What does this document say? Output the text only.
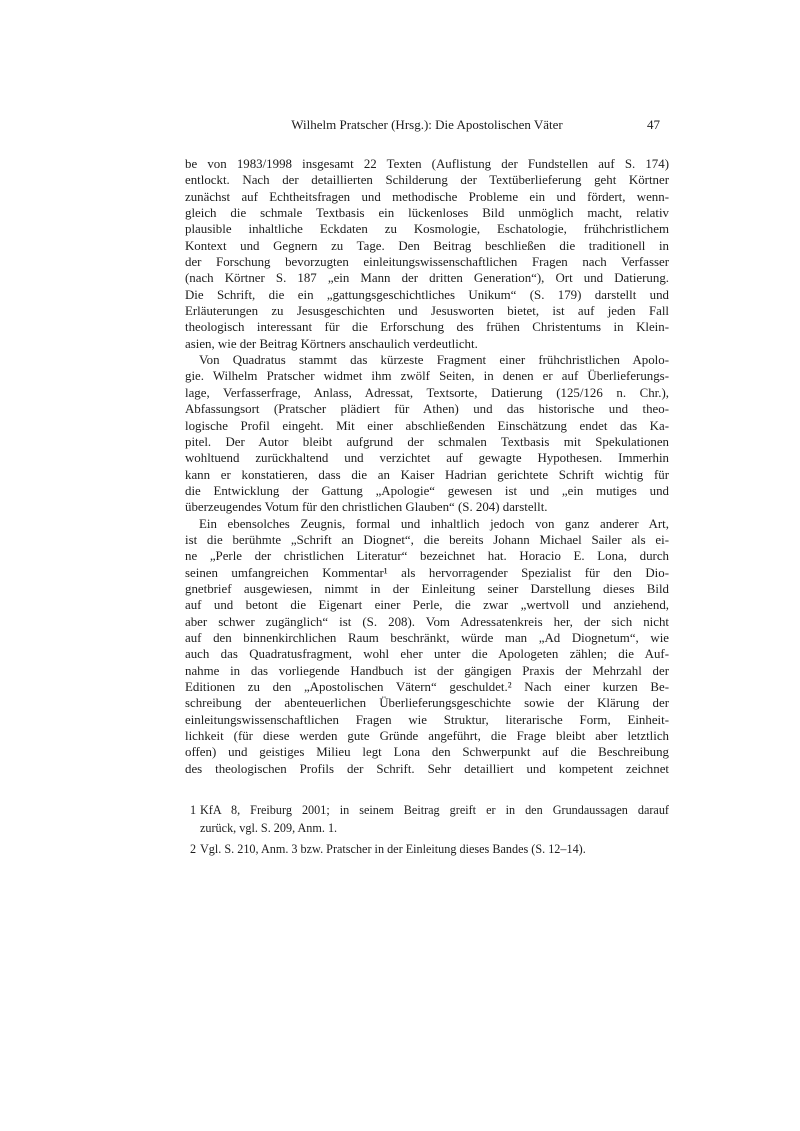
Wilhelm Pratscher (Hrsg.): Die Apostolischen Väter	47
be von 1983/1998 insgesamt 22 Texten (Auflistung der Fundstellen auf S. 174)
entlockt. Nach der detaillierten Schilderung der Textüberlieferung geht Körtner
zunächst auf Echtheitsfragen und methodische Probleme ein und fördert, wenn-
gleich die schmale Textbasis ein lückenloses Bild unmöglich macht, relativ
plausible inhaltliche Eckdaten zu Kosmologie, Eschatologie, frühchristlichem
Kontext und Gegnern zu Tage. Den Beitrag beschließen die traditionell in
der Forschung bevorzugten einleitungswissenschaftlichen Fragen nach Verfasser
(nach Körtner S. 187 „ein Mann der dritten Generation“), Ort und Datierung.
Die Schrift, die ein „gattungsgeschichtliches Unikum“ (S. 179) darstellt und
Erläuterungen zu Jesusgeschichten und Jesusworten bietet, ist auf jeden Fall
theologisch interessant für die Erforschung des frühen Christentums in Klein-
asien, wie der Beitrag Körtners anschaulich verdeutlicht.
Von Quadratus stammt das kürzeste Fragment einer frühchristlichen Apolo-
gie. Wilhelm Pratscher widmet ihm zwölf Seiten, in denen er auf Überlieferungs-
lage, Verfasserfrage, Anlass, Adressat, Textsorte, Datierung (125/126 n. Chr.),
Abfassungsort (Pratscher plädiert für Athen) und das historische und theo-
logische Profil eingeht. Mit einer abschließenden Einschätzung endet das Ka-
pitel. Der Autor bleibt aufgrund der schmalen Textbasis mit Spekulationen
wohltuend zurückhaltend und verzichtet auf gewagte Hypothesen. Immerhin
kann er konstatieren, dass die an Kaiser Hadrian gerichtete Schrift wichtig für
die Entwicklung der Gattung „Apologie“ gewesen ist und „ein mutiges und
überzeugendes Votum für den christlichen Glauben“ (S. 204) darstellt.
Ein ebensolches Zeugnis, formal und inhaltlich jedoch von ganz anderer Art,
ist die berühmte „Schrift an Diognet“, die bereits Johann Michael Sailer als ei-
ne „Perle der christlichen Literatur“ bezeichnet hat. Horacio E. Lona, durch
seinen umfangreichen Kommentar¹ als hervorragender Spezialist für den Dio-
gnetbrief ausgewiesen, nimmt in der Einleitung seiner Darstellung dieses Bild
auf und betont die Eigenart einer Perle, die zwar „wertvoll und anziehend,
aber schwer zugänglich“ ist (S. 208). Vom Adressatenkreis her, der sich nicht
auf den binnenkirchlichen Raum beschränkt, würde man „Ad Diognetum“, wie
auch das Quadratusfragment, wohl eher unter die Apologeten zählen; die Auf-
nahme in das vorliegende Handbuch ist der gängigen Praxis der Mehrzahl der
Editionen zu den „Apostolischen Vätern“ geschuldet.² Nach einer kurzen Be-
schreibung der abenteuerlichen Überlieferungsgeschichte sowie der Klärung der
einleitungswissenschaftlichen Fragen wie Struktur, literarische Form, Einheit-
lichkeit (für diese werden gute Gründe angeführt, die Frage bleibt aber letztlich
offen) und geistiges Milieu legt Lona den Schwerpunkt auf die Beschreibung
des theologischen Profils der Schrift. Sehr detailliert und kompetent zeichnet
1 KfA 8, Freiburg 2001; in seinem Beitrag greift er in den Grundaussagen darauf
zurück, vgl. S. 209, Anm. 1.
2 Vgl. S. 210, Anm. 3 bzw. Pratscher in der Einleitung dieses Bandes (S. 12–14).
